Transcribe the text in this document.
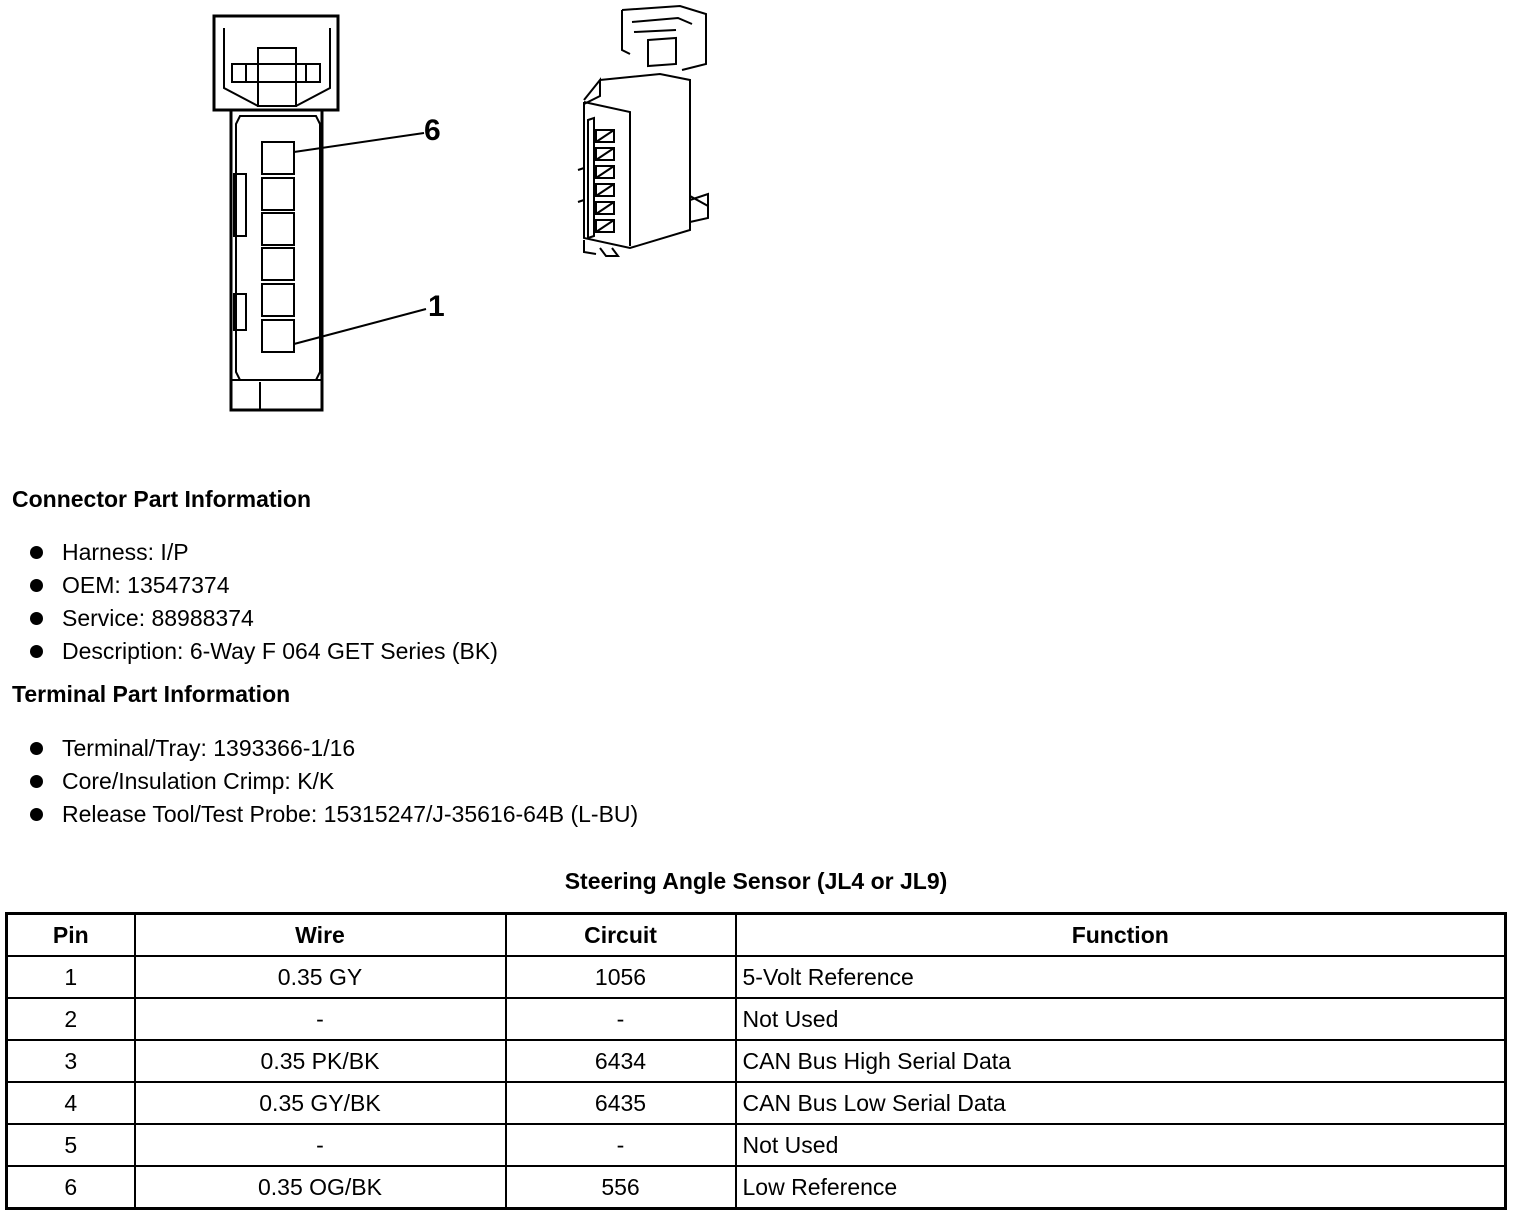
6
1
Connector Part Information
Harness: I/P
OEM: 13547374
Service: 88988374
Description: 6-Way F 064 GET Series (BK)
Terminal Part Information
Terminal/Tray: 1393366-1/16
Core/Insulation Crimp: K/K
Release Tool/Test Probe: 15315247/J-35616-64B (L-BU)
Steering Angle Sensor (JL4 or JL9)
Pin	Wire	Circuit	Function
1	0.35 GY	1056	5-Volt Reference
2	-	-	Not Used
3	0.35 PK/BK	6434	CAN Bus High Serial Data
4	0.35 GY/BK	6435	CAN Bus Low Serial Data
5	-	-	Not Used
6	0.35 OG/BK	556	Low Reference
